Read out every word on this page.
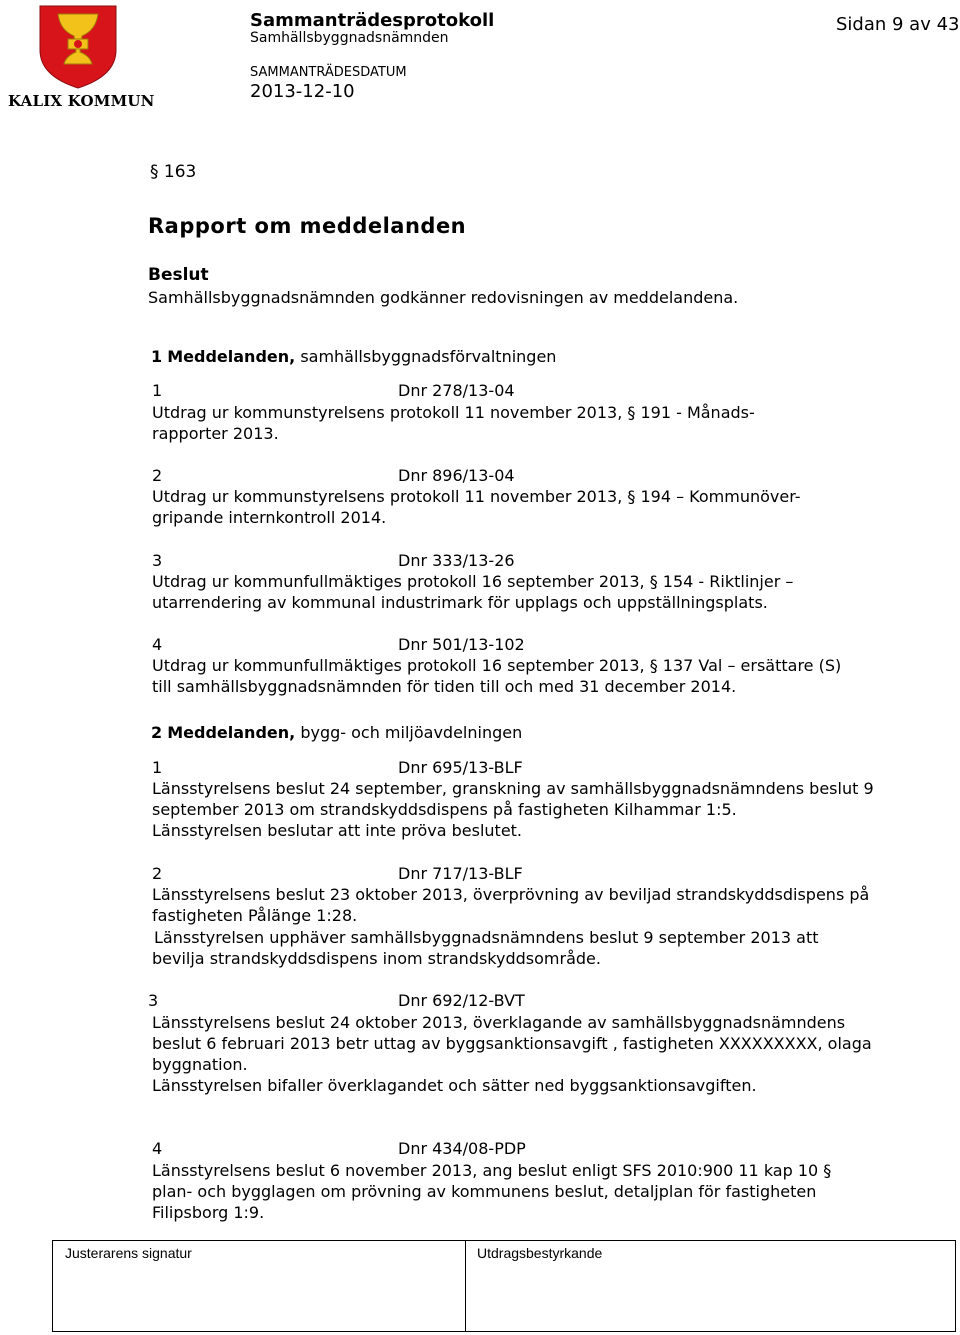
KALIX KOMMUN
Sammanträdesprotokoll
Samhällsbyggnadsnämnden
SAMMANTRÄDESDATUM
2013-12-10
Sidan 9 av 43
§ 163
Rapport om meddelanden
Beslut
Samhällsbyggnadsnämnden godkänner redovisningen av meddelandena.
1 Meddelanden, samhällsbyggnadsförvaltningen
1	Dnr 278/13-04
Utdrag ur kommunstyrelsens protokoll 11 november 2013, § 191 - Månads-
rapporter 2013.
2	Dnr 896/13-04
Utdrag ur kommunstyrelsens protokoll 11 november 2013, § 194 – Kommunöver-
gripande internkontroll 2014.
3	Dnr 333/13-26
Utdrag ur kommunfullmäktiges protokoll 16 september 2013, § 154 - Riktlinjer –
utarrendering av kommunal industrimark för upplags och uppställningsplats.
4	Dnr 501/13-102
Utdrag ur kommunfullmäktiges protokoll 16 september 2013, § 137 Val – ersättare (S)
till samhällsbyggnadsnämnden för tiden till och med 31 december 2014.
2 Meddelanden, bygg- och miljöavdelningen
1	Dnr 695/13-BLF
Länsstyrelsens beslut 24 september, granskning av samhällsbyggnadsnämndens beslut 9
september 2013 om strandskyddsdispens på fastigheten Kilhammar 1:5.
Länsstyrelsen beslutar att inte pröva beslutet.
2	Dnr 717/13-BLF
Länsstyrelsens beslut 23 oktober 2013, överprövning av beviljad strandskyddsdispens på
fastigheten Pålänge 1:28.
Länsstyrelsen upphäver samhällsbyggnadsnämndens beslut 9 september 2013 att
bevilja strandskyddsdispens inom strandskyddsområde.
3	Dnr 692/12-BVT
Länsstyrelsens beslut 24 oktober 2013, överklagande av samhällsbyggnadsnämndens
beslut 6 februari 2013 betr uttag av byggsanktionsavgift , fastigheten XXXXXXXXX, olaga
byggnation.
Länsstyrelsen bifaller överklagandet och sätter ned byggsanktionsavgiften.
4	Dnr 434/08-PDP
Länsstyrelsens beslut 6 november 2013, ang beslut enligt SFS 2010:900 11 kap 10 §
plan- och bygglagen om prövning av kommunens beslut, detaljplan för fastigheten
Filipsborg 1:9.
Justerarens signatur	Utdragsbestyrkande
